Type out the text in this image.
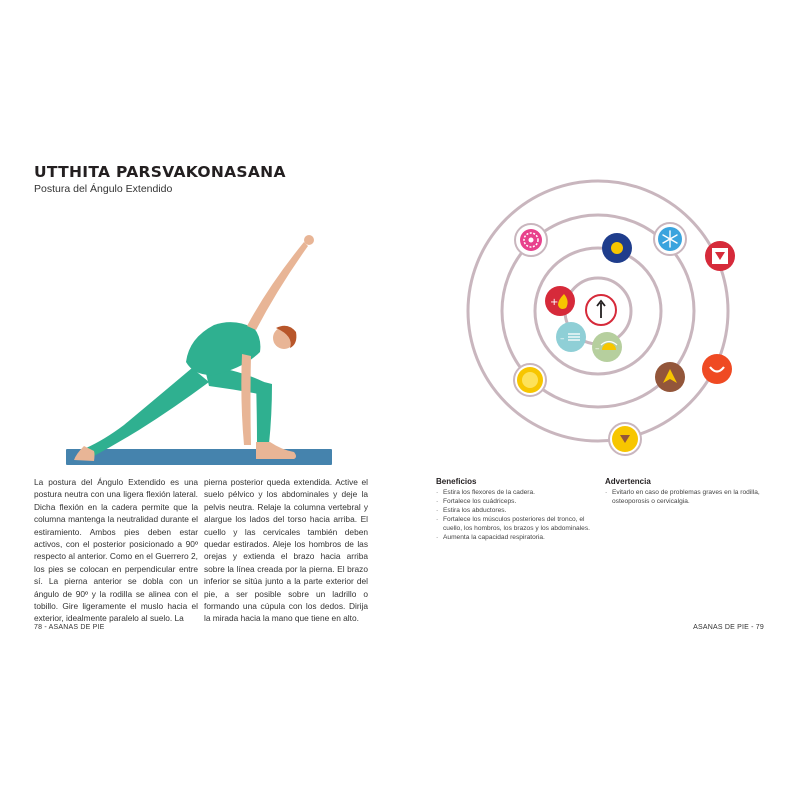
UTTHITA PARSVAKONASANA
Postura del Ángulo Extendido

La postura del Ángulo Extendido es una postura neutra con una ligera flexión lateral. Dicha flexión en la cadera permite que la columna mantenga la neutralidad durante el estiramiento. Ambos pies deben estar activos, con el posterior posicionado a 90º respecto al anterior. Como en el Guerrero 2, los pies se colocan en perpendicular entre sí. La pierna anterior se dobla con un ángulo de 90º y la rodilla se alinea con el tobillo. Gire ligeramente el muslo hacia el exterior, idealmente paralelo al suelo. La

pierna posterior queda extendida. Active el suelo pélvico y los abdominales y deje la pelvis neutra. Relaje la columna vertebral y alargue los lados del torso hacia arriba. El cuello y las cervicales también deben quedar estirados. Aleje los hombros de las orejas y extienda el brazo hacia arriba sobre la línea creada por la pierna. El brazo inferior se sitúa junto a la parte exterior del pie, a ser posible sobre un ladrillo o formando una cúpula con los dedos. Dirija la mirada hacia la mano que tiene en alto.

78 - ASANAS DE PIE
+
–
–
Beneficios
· Estira los flexores de la cadera.
· Fortalece los cuádriceps.
· Estira los abductores.
· Fortalece los músculos posteriores del tronco, el cuello, los hombros, los brazos y los abdominales.
· Aumenta la capacidad respiratoria.
Advertencia
· Evitarlo en caso de problemas graves en la rodilla, osteoporosis o cervicalgia.
ASANAS DE PIE - 79
